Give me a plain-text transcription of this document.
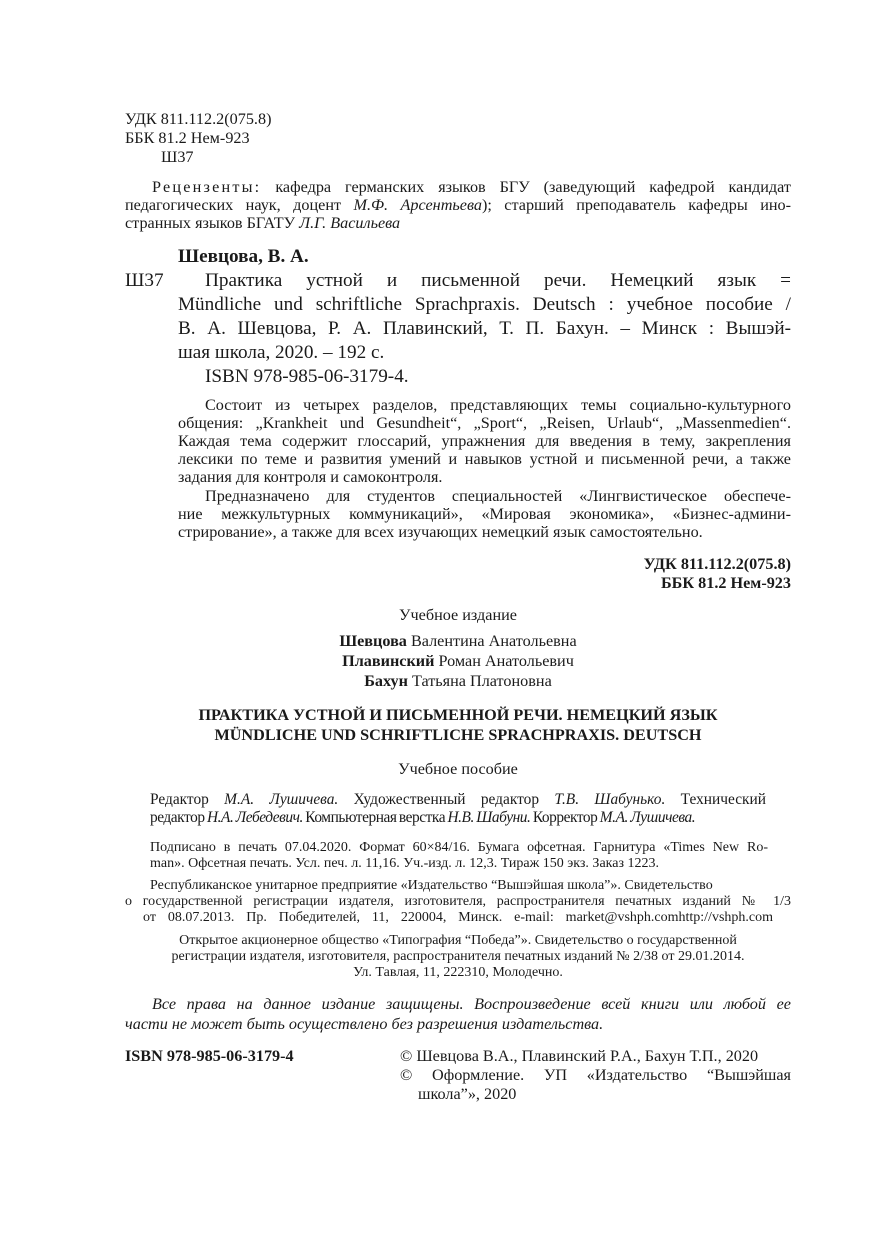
УДК 811.112.2(075.8)
ББК 81.2 Нем-923
Ш37
Рецензенты: кафедра германских языков БГУ (заведующий кафедрой кандидат
педагогических наук, доцент М.Ф. Арсентьева); старший преподаватель кафедры ино-
странных языков БГАТУ Л.Г. Васильева
Шевцова, В. А.
Ш37 Практика устной и письменной речи. Немецкий язык =
Mündliche und schriftliche Sprachpraxis. Deutsch : учебное пособие /
В. А. Шевцова, Р. А. Плавинский, Т. П. Бахун. – Минск : Вышэй-
шая школа, 2020. – 192 с.
ISBN 978-985-06-3179-4.
Состоит из четырех разделов, представляющих темы социально-культурного
общения: „Krankheit und Gesundheit“, „Sport“, „Reisen, Urlaub“, „Massenmedien“.
Каждая тема содержит глоссарий, упражнения для введения в тему, закрепления
лексики по теме и развития умений и навыков устной и письменной речи, а также
задания для контроля и самоконтроля.
Предназначено для студентов специальностей «Лингвистическое обеспече-
ние межкультурных коммуникаций», «Мировая экономика», «Бизнес-админи-
стрирование», а также для всех изучающих немецкий язык самостоятельно.
УДК 811.112.2(075.8)
ББК 81.2 Нем-923
Учебное издание
Шевцова Валентина Анатольевна
Плавинский Роман Анатольевич
Бахун Татьяна Платоновна
ПРАКТИКА УСТНОЙ И ПИСЬМЕННОЙ РЕЧИ. НЕМЕЦКИЙ ЯЗЫК
MÜNDLICHE UND SCHRIFTLICHE SPRACHPRAXIS. DEUTSCH
Учебное пособие
Редактор М.А. Лушичева. Художественный редактор Т.В. Шабунько. Технический
редактор Н.А. Лебедевич. Компьютерная верстка Н.В. Шабуни. Корректор М.А. Лушичева.
Подписано в печать 07.04.2020. Формат 60×84/16. Бумага офсетная. Гарнитура «Times New Ro-
man». Офсетная печать. Усл. печ. л. 11,16. Уч.-изд. л. 12,3. Тираж 150 экз. Заказ 1223.
Республиканское унитарное предприятие «Издательство “Вышэйшая школа”». Свидетельство
о государственной регистрации издателя, изготовителя, распространителя печатных изданий № 1/3
от 08.07.2013. Пр. Победителей, 11, 220004, Минск. e-mail: market@vshph.comhttp://vshph.com
Открытое акционерное общество «Типография “Победа”». Свидетельство о государственной
регистрации издателя, изготовителя, распространителя печатных изданий № 2/38 от 29.01.2014.
Ул. Тавлая, 11, 222310, Молодечно.
Все права на данное издание защищены. Воспроизведение всей книги или любой ее
части не может быть осуществлено без разрешения издательства.
ISBN 978-985-06-3179-4	© Шевцова В.А., Плавинский Р.А., Бахун Т.П., 2020
© Оформление. УП «Издательство “Вышэйшая
школа”», 2020
